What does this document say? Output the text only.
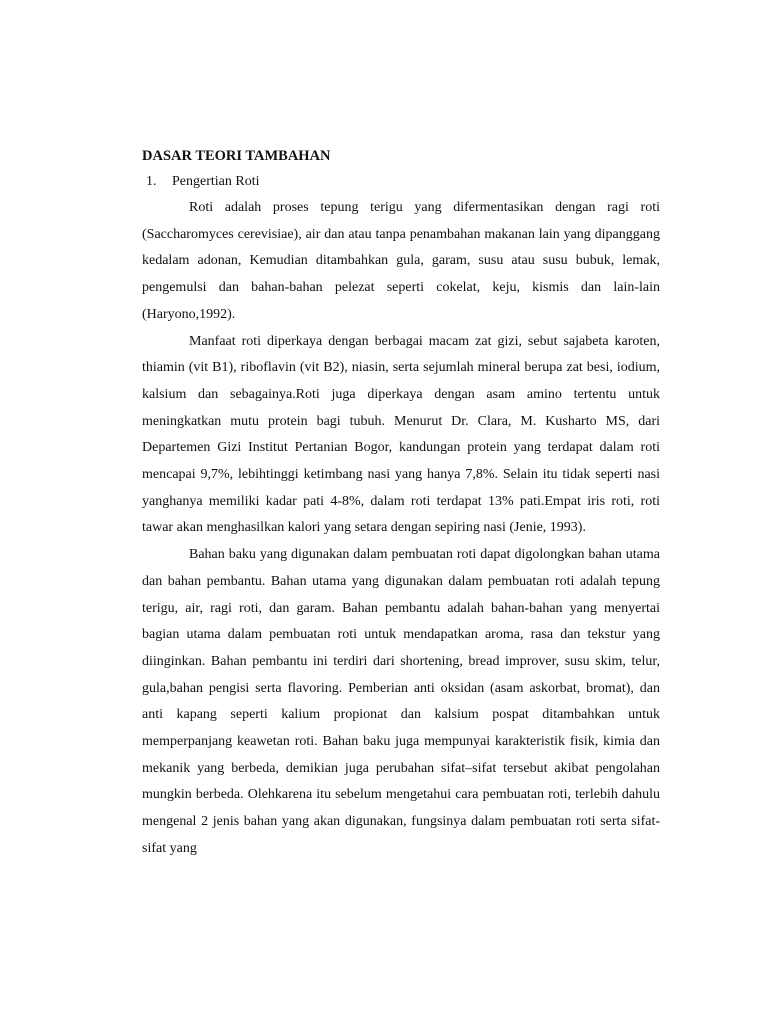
DASAR TEORI TAMBAHAN

1. Pengertian Roti

Roti adalah proses tepung terigu yang difermentasikan dengan ragi roti (Saccharomyces cerevisiae), air dan atau tanpa penambahan makanan lain yang dipanggang kedalam adonan, Kemudian ditambahkan gula, garam, susu atau susu bubuk, lemak, pengemulsi dan bahan-bahan pelezat seperti cokelat, keju, kismis dan lain-lain (Haryono,1992).

Manfaat roti diperkaya dengan berbagai macam zat gizi, sebut sajabeta karoten, thiamin (vit B1), riboflavin (vit B2), niasin, serta sejumlah mineral berupa zat besi, iodium, kalsium dan sebagainya.Roti juga diperkaya dengan asam amino tertentu untuk meningkatkan mutu protein bagi tubuh. Menurut Dr. Clara, M. Kusharto MS, dari Departemen Gizi Institut Pertanian Bogor, kandungan protein yang terdapat dalam roti mencapai 9,7%, lebihtinggi ketimbang nasi yang hanya 7,8%. Selain itu tidak seperti nasi yanghanya memiliki kadar pati 4-8%, dalam roti terdapat 13% pati.Empat iris roti, roti tawar akan menghasilkan kalori yang setara dengan sepiring nasi (Jenie, 1993).

Bahan baku yang digunakan dalam pembuatan roti dapat digolongkan bahan utama dan bahan pembantu. Bahan utama yang digunakan dalam pembuatan roti adalah tepung terigu, air, ragi roti, dan garam. Bahan pembantu adalah bahan-bahan yang menyertai bagian utama dalam pembuatan roti untuk mendapatkan aroma, rasa dan tekstur yang diinginkan. Bahan pembantu ini terdiri dari shortening, bread improver, susu skim, telur, gula,bahan pengisi serta flavoring. Pemberian anti oksidan (asam askorbat, bromat), dan anti kapang seperti kalium propionat dan kalsium pospat ditambahkan untuk memperpanjang keawetan roti. Bahan baku juga mempunyai karakteristik fisik, kimia dan mekanik yang berbeda, demikian juga perubahan sifat–sifat tersebut akibat pengolahan mungkin berbeda. Olehkarena itu sebelum mengetahui cara pembuatan roti, terlebih dahulu mengenal 2 jenis bahan yang akan digunakan, fungsinya dalam pembuatan roti serta sifat-sifat yang
